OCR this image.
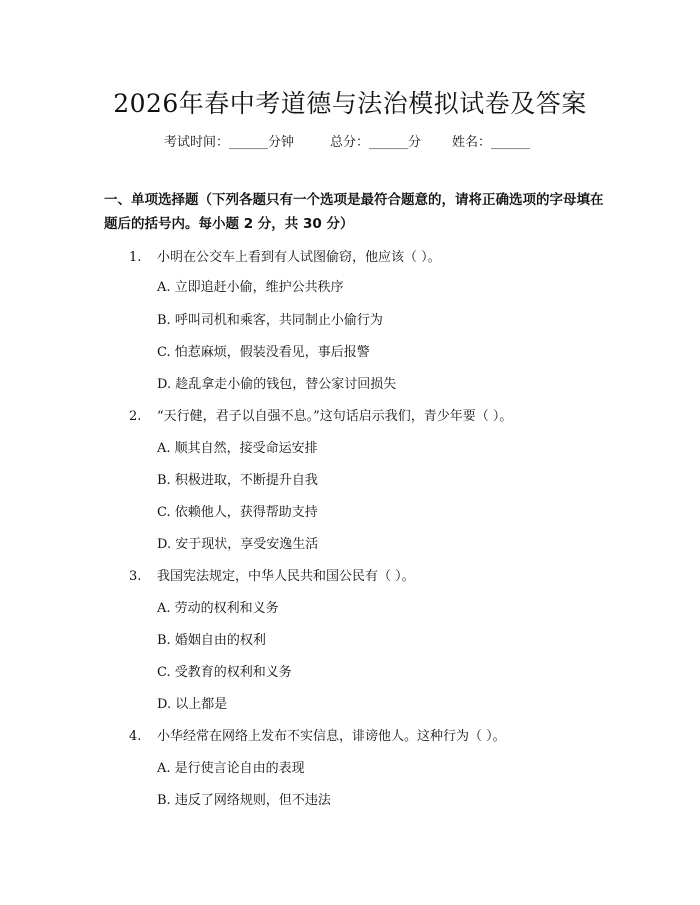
2026年春中考道德与法治模拟试卷及答案
考试时间：______分钟	总分：______分 姓名：______
一、单项选择题（下列各题只有一个选项是最符合题意的，请将正确选项的字母填在题后的括号内。每小题 2 分，共 30 分）
1. 小明在公交车上看到有人试图偷窃，他应该（ ）。
A. 立即追赶小偷，维护公共秩序
B. 呼叫司机和乘客，共同制止小偷行为
C. 怕惹麻烦，假装没看见，事后报警
D. 趁乱拿走小偷的钱包，替公家讨回损失
2. “天行健，君子以自强不息。”这句话启示我们，青少年要（ ）。
A. 顺其自然，接受命运安排
B. 积极进取，不断提升自我
C. 依赖他人，获得帮助支持
D. 安于现状，享受安逸生活
3. 我国宪法规定，中华人民共和国公民有（ ）。
A. 劳动的权利和义务
B. 婚姻自由的权利
C. 受教育的权利和义务
D. 以上都是
4. 小华经常在网络上发布不实信息，诽谤他人。这种行为（ ）。
A. 是行使言论自由的表现
B. 违反了网络规则，但不违法
